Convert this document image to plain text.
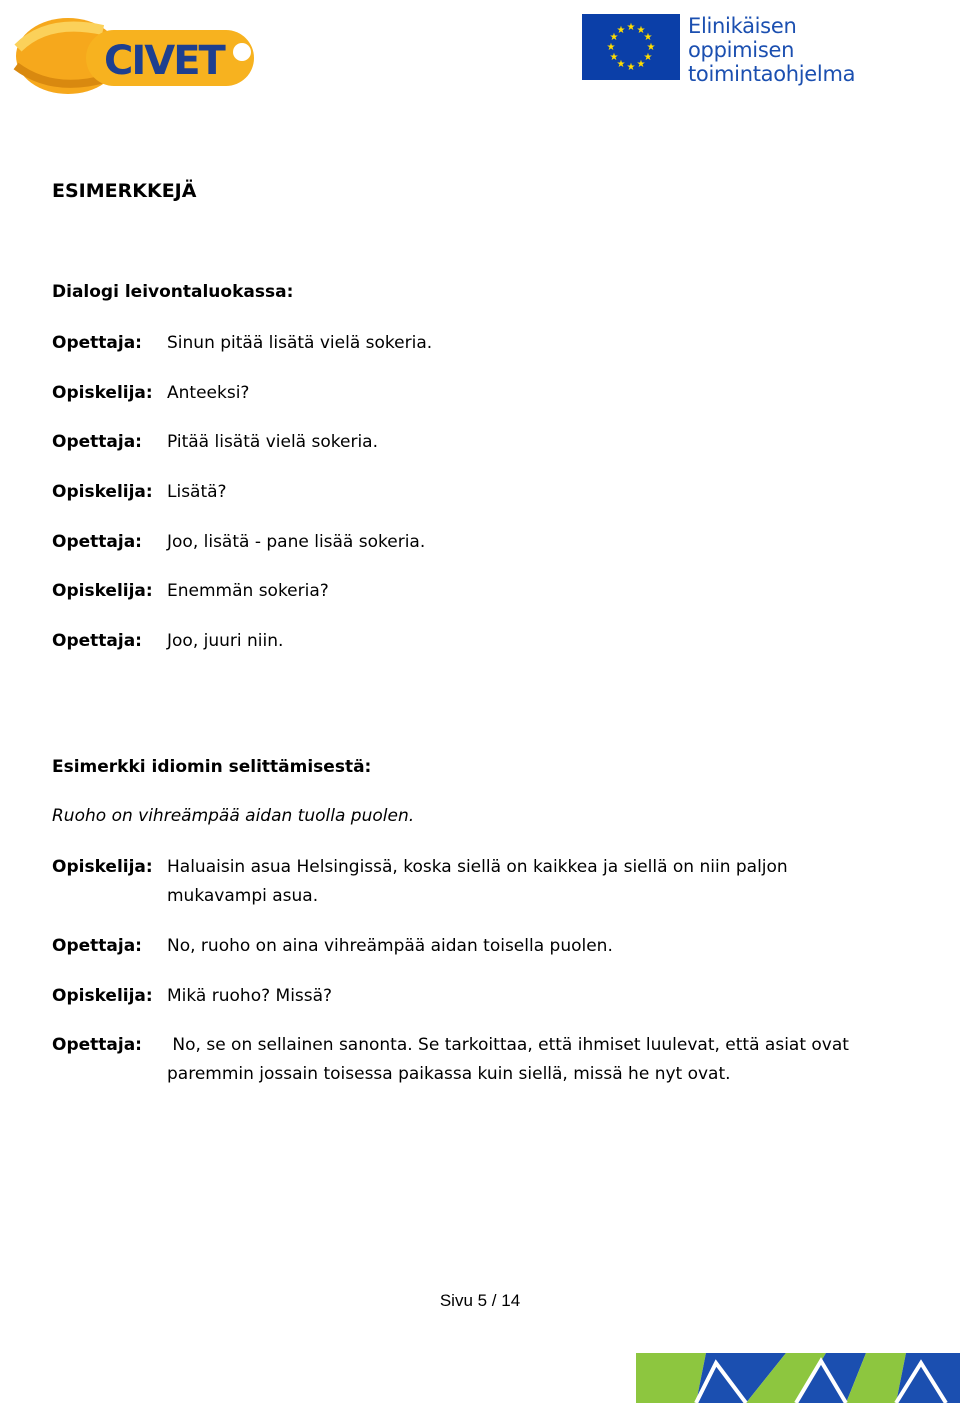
CIVET
★ ★
★
★
★
★
★
★
★
★
★
★	Elinikäisen
oppimisen
toimintaohjelma
ESIMERKKEJÄ
Dialogi leivontaluokassa:
Opettaja: Sinun pitää lisätä vielä sokeria.
Opiskelija: Anteeksi?
Opettaja: Pitää lisätä vielä sokeria.
Opiskelija: Lisätä?
Opettaja: Joo, lisätä - pane lisää sokeria.
Opiskelija: Enemmän sokeria?
Opettaja: Joo, juuri niin.
Esimerkki idiomin selittämisestä:
Ruoho on vihreämpää aidan tuolla puolen.
Opiskelija: Haluaisin asua Helsingissä, koska siellä on kaikkea ja siellä on niin paljon mukavampi asua.
Opettaja: No, ruoho on aina vihreämpää aidan toisella puolen.
Opiskelija: Mikä ruoho? Missä?
Opettaja: No, se on sellainen sanonta. Se tarkoittaa, että ihmiset luulevat, että asiat ovat paremmin jossain toisessa paikassa kuin siellä, missä he nyt ovat.
Sivu 5 / 14
